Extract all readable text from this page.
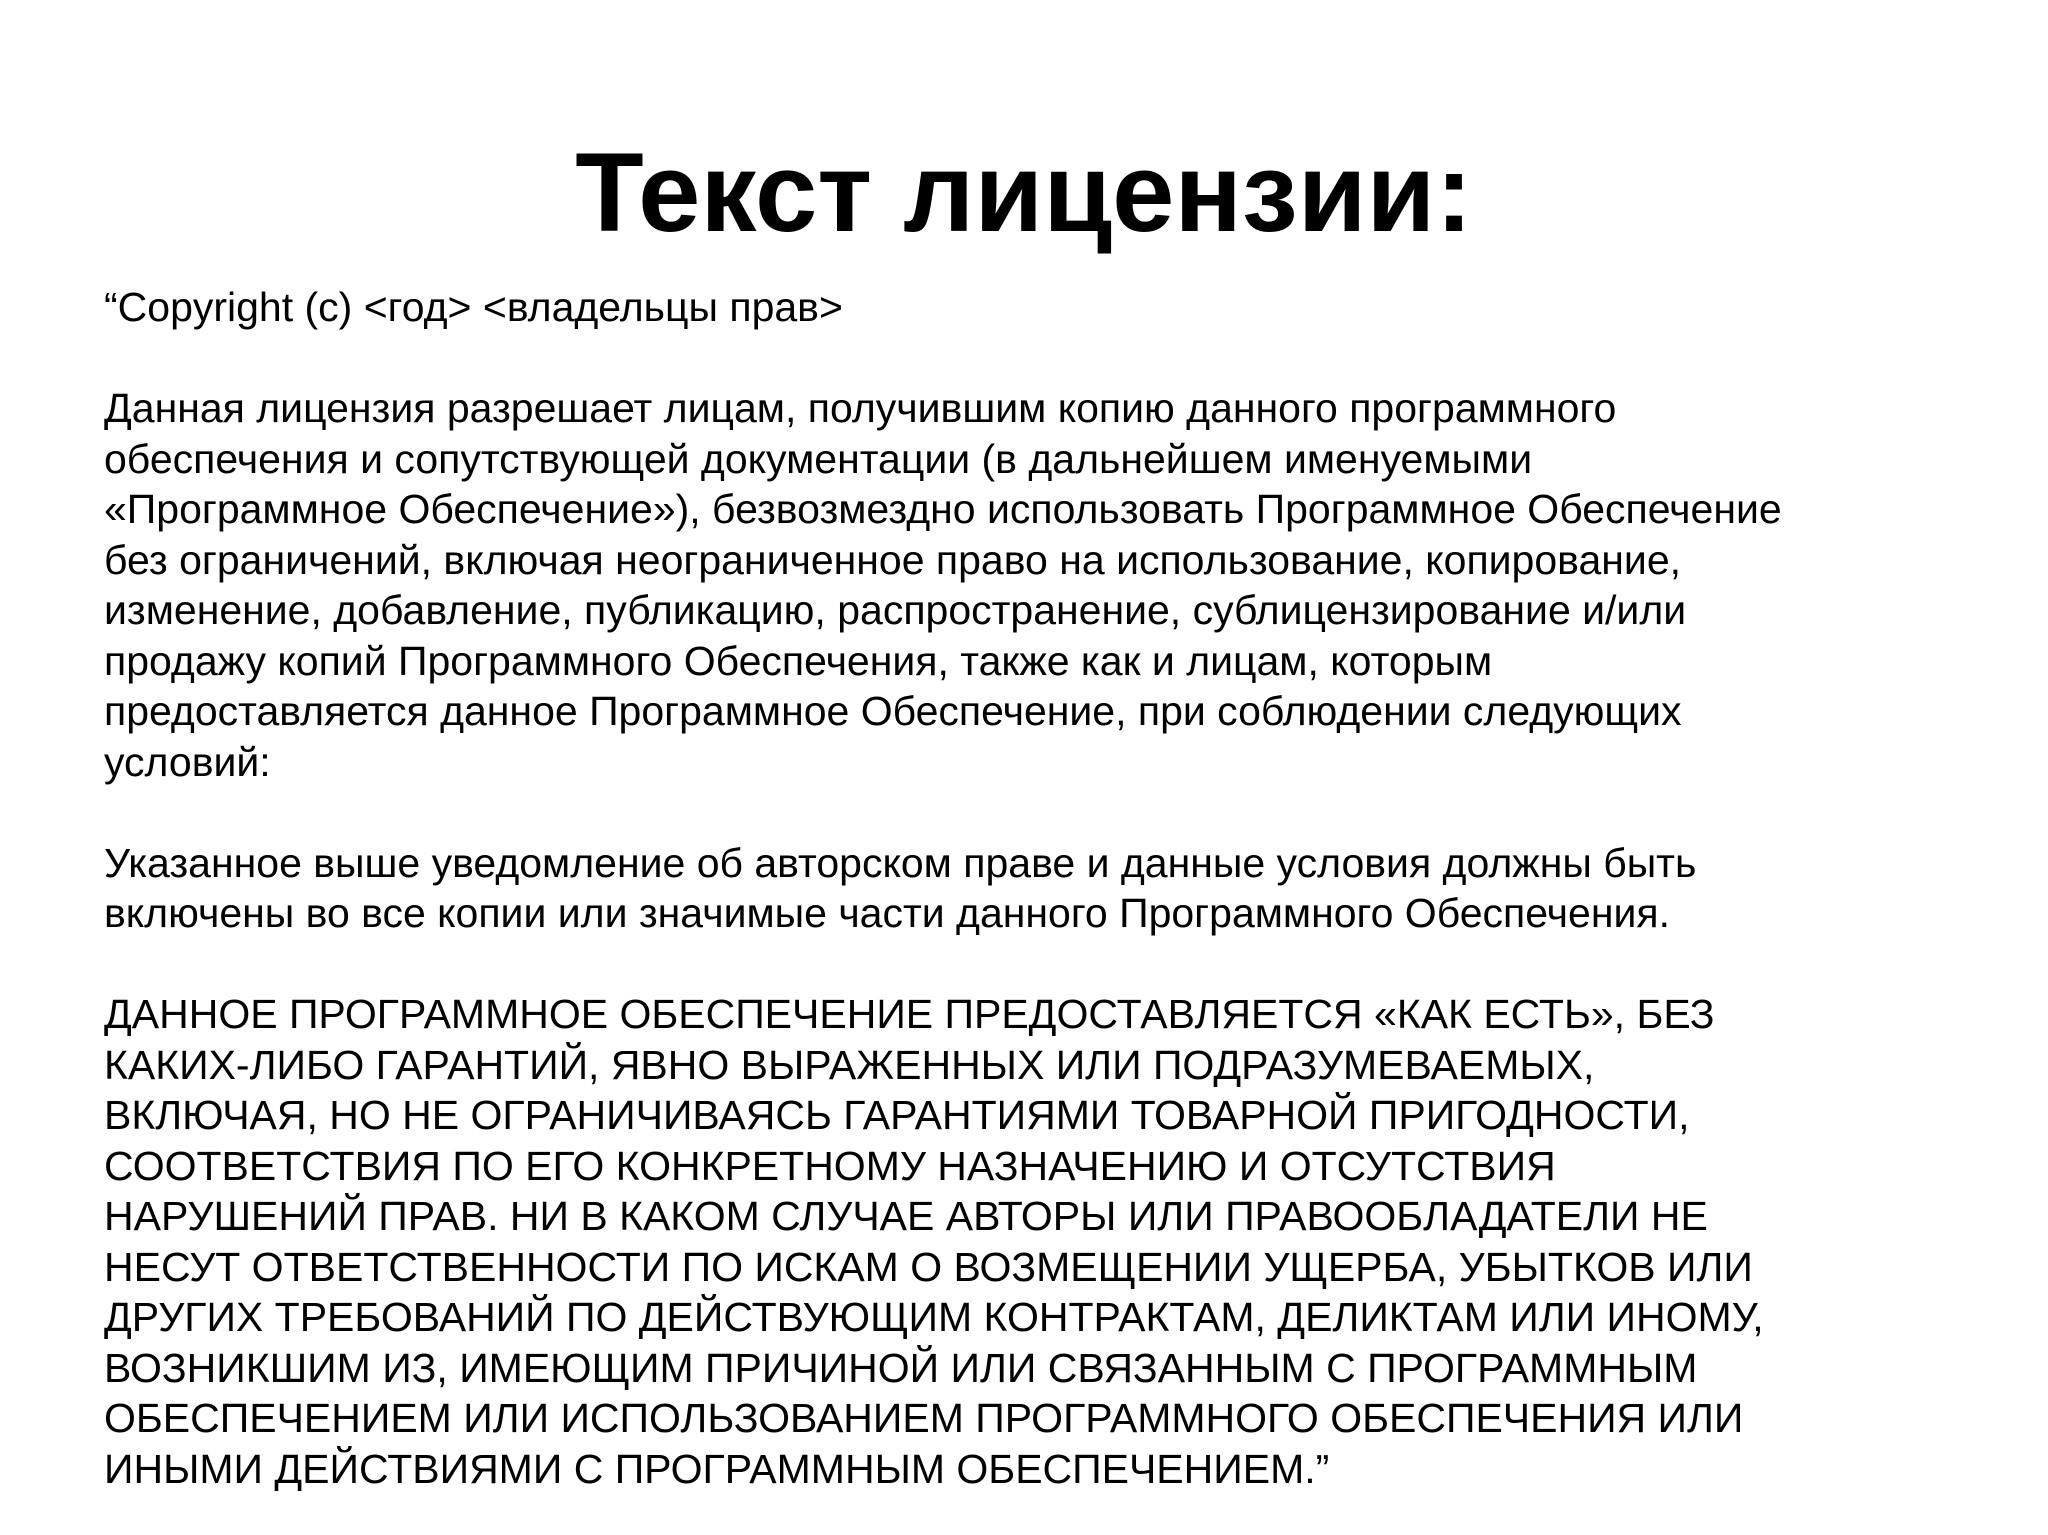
Текст лицензии:
“Copyright (c) <год> <владельцы прав>
Данная лицензия разрешает лицам, получившим копию данного программного
обеспечения и сопутствующей документации (в дальнейшем именуемыми
«Программное Обеспечение»), безвозмездно использовать Программное Обеспечение
без ограничений, включая неограниченное право на использование, копирование,
изменение, добавление, публикацию, распространение, сублицензирование и/или
продажу копий Программного Обеспечения, также как и лицам, которым
предоставляется данное Программное Обеспечение, при соблюдении следующих
условий:
Указанное выше уведомление об авторском праве и данные условия должны быть
включены во все копии или значимые части данного Программного Обеспечения.
ДАННОЕ ПРОГРАММНОЕ ОБЕСПЕЧЕНИЕ ПРЕДОСТАВЛЯЕТСЯ «КАК ЕСТЬ», БЕЗ
КАКИХ-ЛИБО ГАРАНТИЙ, ЯВНО ВЫРАЖЕННЫХ ИЛИ ПОДРАЗУМЕВАЕМЫХ,
ВКЛЮЧАЯ, НО НЕ ОГРАНИЧИВАЯСЬ ГАРАНТИЯМИ ТОВАРНОЙ ПРИГОДНОСТИ,
СООТВЕТСТВИЯ ПО ЕГО КОНКРЕТНОМУ НАЗНАЧЕНИЮ И ОТСУТСТВИЯ
НАРУШЕНИЙ ПРАВ. НИ В КАКОМ СЛУЧАЕ АВТОРЫ ИЛИ ПРАВООБЛАДАТЕЛИ НЕ
НЕСУТ ОТВЕТСТВЕННОСТИ ПО ИСКАМ О ВОЗМЕЩЕНИИ УЩЕРБА, УБЫТКОВ ИЛИ
ДРУГИХ ТРЕБОВАНИЙ ПО ДЕЙСТВУЮЩИМ КОНТРАКТАМ, ДЕЛИКТАМ ИЛИ ИНОМУ,
ВОЗНИКШИМ ИЗ, ИМЕЮЩИМ ПРИЧИНОЙ ИЛИ СВЯЗАННЫМ С ПРОГРАММНЫМ
ОБЕСПЕЧЕНИЕМ ИЛИ ИСПОЛЬЗОВАНИЕМ ПРОГРАММНОГО ОБЕСПЕЧЕНИЯ ИЛИ
ИНЫМИ ДЕЙСТВИЯМИ С ПРОГРАММНЫМ ОБЕСПЕЧЕНИЕМ.”
